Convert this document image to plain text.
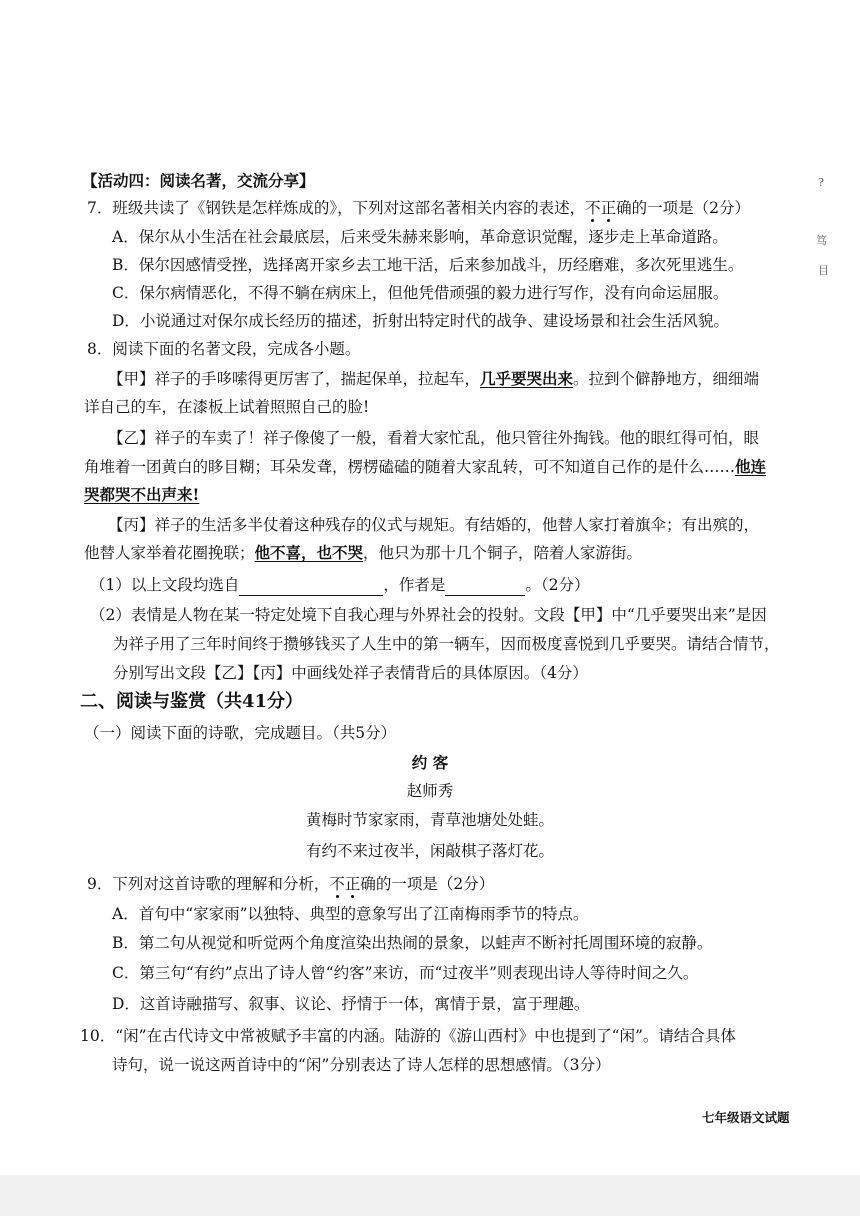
?
笃
目
【活动四：阅读名著，交流分享】
7．班级共读了《钢铁是怎样炼成的》，下列对这部名著相关内容的表述，不正确的一项是（2分）
A．保尔从小生活在社会最底层，后来受朱赫来影响，革命意识觉醒，逐步走上革命道路。
B．保尔因感情受挫，选择离开家乡去工地干活，后来参加战斗，历经磨难，多次死里逃生。
C．保尔病情恶化，不得不躺在病床上，但他凭借顽强的毅力进行写作，没有向命运屈服。
D．小说通过对保尔成长经历的描述，折射出特定时代的战争、建设场景和社会生活风貌。
8．阅读下面的名著文段，完成各小题。
【甲】祥子的手哆嗦得更厉害了，揣起保单，拉起车，几乎要哭出来。拉到个僻静地方，细细端
详自己的车，在漆板上试着照照自己的脸!
【乙】祥子的车卖了！祥子像傻了一般，看着大家忙乱，他只管往外掏钱。他的眼红得可怕，眼
角堆着一团黄白的眵目糊；耳朵发聋，楞楞磕磕的随着大家乱转，可不知道自己作的是什么……他连
哭都哭不出声来!
【丙】祥子的生活多半仗着这种残存的仪式与规矩。有结婚的，他替人家打着旗伞；有出殡的，
他替人家举着花圈挽联；他不喜，也不哭，他只为那十几个铜子，陪着人家游街。
（1）以上文段均选自	，作者是	。（2分）
（2）表情是人物在某一特定处境下自我心理与外界社会的投射。文段【甲】中“几乎要哭出来”是因
为祥子用了三年时间终于攒够钱买了人生中的第一辆车，因而极度喜悦到几乎要哭。请结合情节，
分别写出文段【乙】【丙】中画线处祥子表情背后的具体原因。（4分）
二、阅读与鉴赏（共41分）
（一）阅读下面的诗歌，完成题目。（共5分）
约 客
赵师秀
黄梅时节家家雨，青草池塘处处蛙。
有约不来过夜半，闲敲棋子落灯花。
9．下列对这首诗歌的理解和分析，不正确的一项是（2分）
A．首句中“家家雨”以独特、典型的意象写出了江南梅雨季节的特点。
B．第二句从视觉和听觉两个角度渲染出热闹的景象，以蛙声不断衬托周围环境的寂静。
C．第三句“有约”点出了诗人曾“约客”来访，而“过夜半”则表现出诗人等待时间之久。
D．这首诗融描写、叙事、议论、抒情于一体，寓情于景，富于理趣。
10．“闲”在古代诗文中常被赋予丰富的内涵。陆游的《游山西村》中也提到了“闲”。请结合具体
诗句，说一说这两首诗中的“闲”分别表达了诗人怎样的思想感情。（3分）
七年级语文试题
